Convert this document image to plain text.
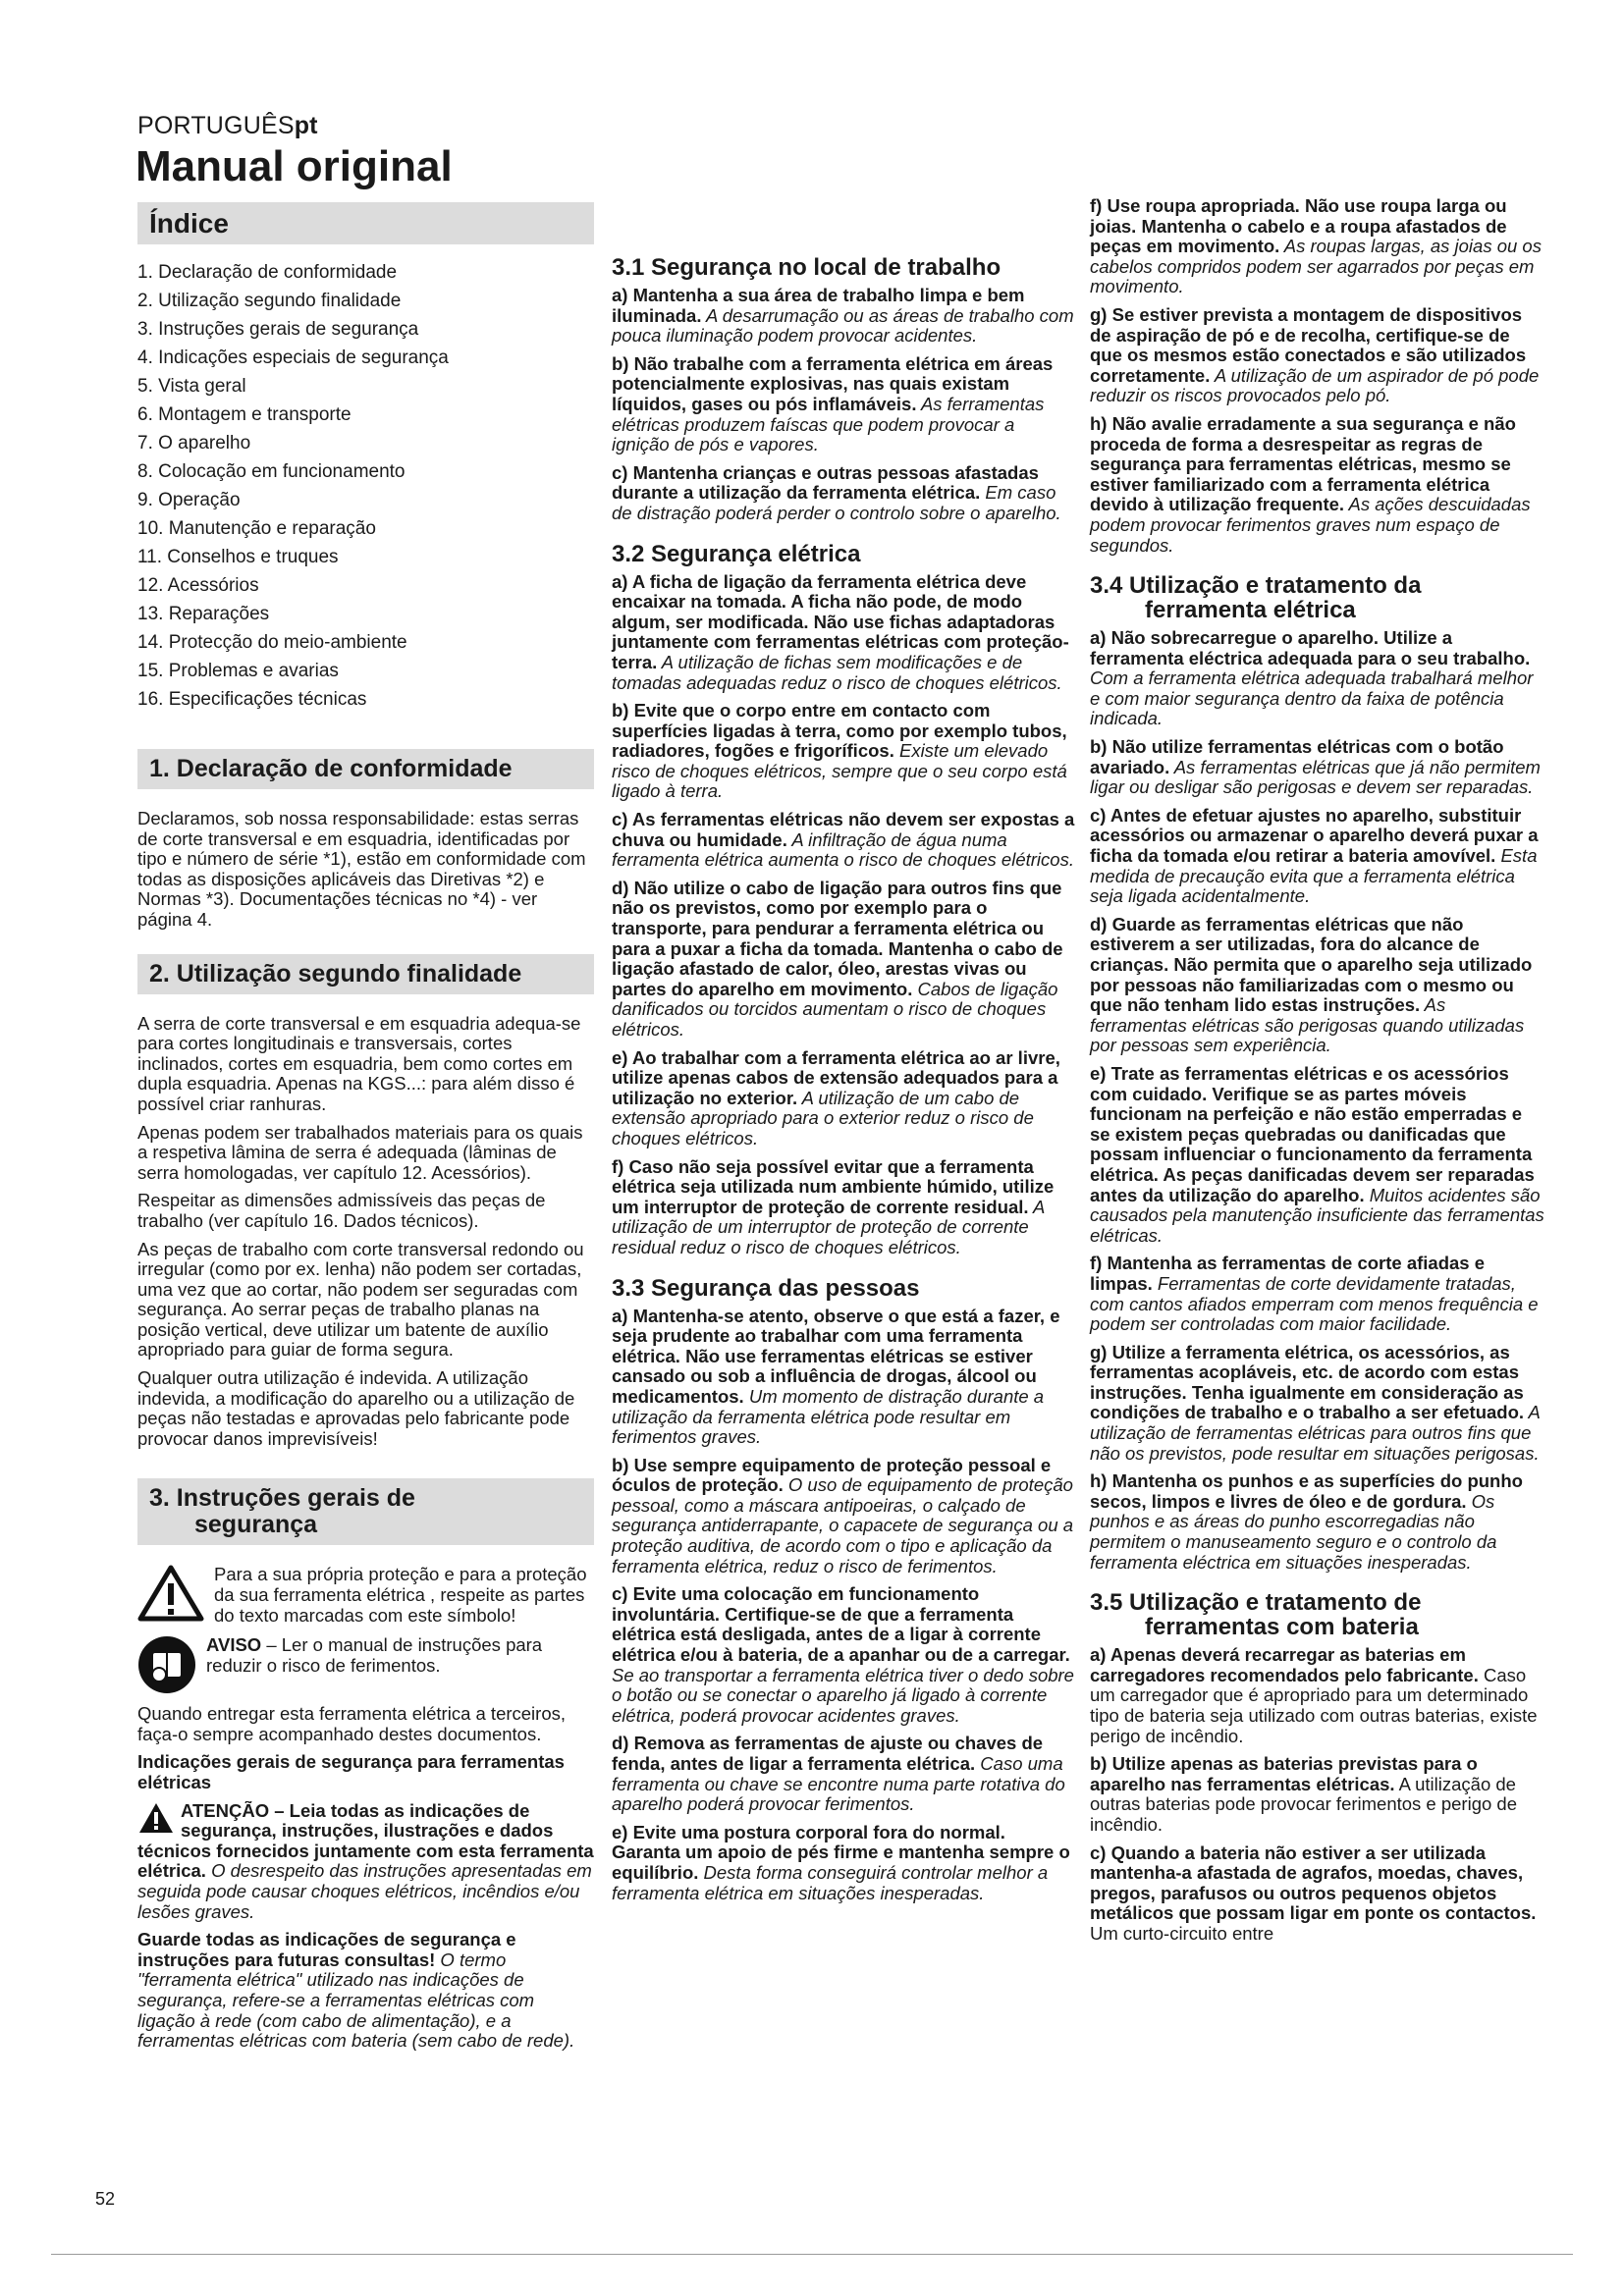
PORTUGUÊSpt
Manual original
Índice
1. Declaração de conformidade
2. Utilização segundo finalidade
3. Instruções gerais de segurança
4. Indicações especiais de segurança
5. Vista geral
6. Montagem e transporte
7. O aparelho
8. Colocação em funcionamento
9. Operação
10. Manutenção e reparação
11. Conselhos e truques
12. Acessórios
13. Reparações
14. Protecção do meio-ambiente
15. Problemas e avarias
16. Especificações técnicas
1. Declaração de conformidade

Declaramos, sob nossa responsabilidade: estas serras de corte transversal e em esquadria, identificadas por tipo e número de série *1), estão em conformidade com todas as disposições aplicáveis das Diretivas *2) e Normas *3). Documentações técnicas no *4) - ver página 4.

2. Utilização segundo finalidade

A serra de corte transversal e em esquadria adequa-se para cortes longitudinais e transversais, cortes inclinados, cortes em esquadria, bem como cortes em dupla esquadria. Apenas na KGS...: para além disso é possível criar ranhuras.

Apenas podem ser trabalhados materiais para os quais a respetiva lâmina de serra é adequada (lâminas de serra homologadas, ver capítulo 12. Acessórios).

Respeitar as dimensões admissíveis das peças de trabalho (ver capítulo 16. Dados técnicos).

As peças de trabalho com corte transversal redondo ou irregular (como por ex. lenha) não podem ser cortadas, uma vez que ao cortar, não podem ser seguradas com segurança. Ao serrar peças de trabalho planas na posição vertical, deve utilizar um batente de auxílio apropriado para guiar de forma segura.

Qualquer outra utilização é indevida. A utilização indevida, a modificação do aparelho ou a utilização de peças não testadas e aprovadas pelo fabricante pode provocar danos imprevisíveis!

3. Instruções gerais de
segurança

Para a sua própria proteção e para a proteção da sua ferramenta elétrica , respeite as partes do texto marcadas com este símbolo!

AVISO – Ler o manual de instruções para reduzir o risco de ferimentos.

Quando entregar esta ferramenta elétrica a terceiros, faça-o sempre acompanhado destes documentos.

Indicações gerais de segurança para ferramentas elétricas

ATENÇÃO – Leia todas as indicações de segurança, instruções, ilustrações e dados técnicos fornecidos juntamente com esta ferramenta elétrica. O desrespeito das instruções apresentadas em seguida pode causar choques elétricos, incêndios e/ou lesões graves.

Guarde todas as indicações de segurança e instruções para futuras consultas! O termo "ferramenta elétrica" utilizado nas indicações de segurança, refere-se a ferramentas elétricas com ligação à rede (com cabo de alimentação), e a ferramentas elétricas com bateria (sem cabo de rede).

3.1 Segurança no local de trabalho

a) Mantenha a sua área de trabalho limpa e bem iluminada. A desarrumação ou as áreas de trabalho com pouca iluminação podem provocar acidentes.

b) Não trabalhe com a ferramenta elétrica em áreas potencialmente explosivas, nas quais existam líquidos, gases ou pós inflamáveis. As ferramentas elétricas produzem faíscas que podem provocar a ignição de pós e vapores.

c) Mantenha crianças e outras pessoas afastadas durante a utilização da ferramenta elétrica. Em caso de distração poderá perder o controlo sobre o aparelho.

3.2 Segurança elétrica

a) A ficha de ligação da ferramenta elétrica deve encaixar na tomada. A ficha não pode, de modo algum, ser modificada. Não use fichas adaptadoras juntamente com ferramentas elétricas com proteção-terra. A utilização de fichas sem modificações e de tomadas adequadas reduz o risco de choques elétricos.

b) Evite que o corpo entre em contacto com superfícies ligadas à terra, como por exemplo tubos, radiadores, fogões e frigoríficos. Existe um elevado risco de choques elétricos, sempre que o seu corpo está ligado à terra.

c) As ferramentas elétricas não devem ser expostas a chuva ou humidade. A infiltração de água numa ferramenta elétrica aumenta o risco de choques elétricos.

d) Não utilize o cabo de ligação para outros fins que não os previstos, como por exemplo para o transporte, para pendurar a ferramenta elétrica ou para a puxar a ficha da tomada. Mantenha o cabo de ligação afastado de calor, óleo, arestas vivas ou partes do aparelho em movimento. Cabos de ligação danificados ou torcidos aumentam o risco de choques elétricos.

e) Ao trabalhar com a ferramenta elétrica ao ar livre, utilize apenas cabos de extensão adequados para a utilização no exterior. A utilização de um cabo de extensão apropriado para o exterior reduz o risco de choques elétricos.

f) Caso não seja possível evitar que a ferramenta elétrica seja utilizada num ambiente húmido, utilize um interruptor de proteção de corrente residual. A utilização de um interruptor de proteção de corrente residual reduz o risco de choques elétricos.

3.3 Segurança das pessoas

a) Mantenha-se atento, observe o que está a fazer, e seja prudente ao trabalhar com uma ferramenta elétrica. Não use ferramentas elétricas se estiver cansado ou sob a influência de drogas, álcool ou medicamentos. Um momento de distração durante a utilização da ferramenta elétrica pode resultar em ferimentos graves.

b) Use sempre equipamento de proteção pessoal e óculos de proteção. O uso de equipamento de proteção pessoal, como a máscara antipoeiras, o calçado de segurança antiderrapante, o capacete de segurança ou a proteção auditiva, de acordo com o tipo e aplicação da ferramenta elétrica, reduz o risco de ferimentos.

c) Evite uma colocação em funcionamento involuntária. Certifique-se de que a ferramenta elétrica está desligada, antes de a ligar à corrente elétrica e/ou à bateria, de a apanhar ou de a carregar. Se ao transportar a ferramenta elétrica tiver o dedo sobre o botão ou se conectar o aparelho já ligado à corrente elétrica, poderá provocar acidentes graves.

d) Remova as ferramentas de ajuste ou chaves de fenda, antes de ligar a ferramenta elétrica. Caso uma ferramenta ou chave se encontre numa parte rotativa do aparelho poderá provocar ferimentos.

e) Evite uma postura corporal fora do normal. Garanta um apoio de pés firme e mantenha sempre o equilíbrio. Desta forma conseguirá controlar melhor a ferramenta elétrica em situações inesperadas.

f) Use roupa apropriada. Não use roupa larga ou joias. Mantenha o cabelo e a roupa afastados de peças em movimento. As roupas largas, as joias ou os cabelos compridos podem ser agarrados por peças em movimento.

g) Se estiver prevista a montagem de dispositivos de aspiração de pó e de recolha, certifique-se de que os mesmos estão conectados e são utilizados corretamente. A utilização de um aspirador de pó pode reduzir os riscos provocados pelo pó.

h) Não avalie erradamente a sua segurança e não proceda de forma a desrespeitar as regras de segurança para ferramentas elétricas, mesmo se estiver familiarizado com a ferramenta elétrica devido à utilização frequente. As ações descuidadas podem provocar ferimentos graves num espaço de segundos.

3.4 Utilização e tratamento da
ferramenta elétrica

a) Não sobrecarregue o aparelho. Utilize a ferramenta eléctrica adequada para o seu trabalho. Com a ferramenta elétrica adequada trabalhará melhor e com maior segurança dentro da faixa de potência indicada.

b) Não utilize ferramentas elétricas com o botão avariado. As ferramentas elétricas que já não permitem ligar ou desligar são perigosas e devem ser reparadas.

c) Antes de efetuar ajustes no aparelho, substituir acessórios ou armazenar o aparelho deverá puxar a ficha da tomada e/ou retirar a bateria amovível. Esta medida de precaução evita que a ferramenta elétrica seja ligada acidentalmente.

d) Guarde as ferramentas elétricas que não estiverem a ser utilizadas, fora do alcance de crianças. Não permita que o aparelho seja utilizado por pessoas não familiarizadas com o mesmo ou que não tenham lido estas instruções. As ferramentas elétricas são perigosas quando utilizadas por pessoas sem experiência.

e) Trate as ferramentas elétricas e os acessórios com cuidado. Verifique se as partes móveis funcionam na perfeição e não estão emperradas e se existem peças quebradas ou danificadas que possam influenciar o funcionamento da ferramenta elétrica. As peças danificadas devem ser reparadas antes da utilização do aparelho. Muitos acidentes são causados pela manutenção insuficiente das ferramentas elétricas.

f) Mantenha as ferramentas de corte afiadas e limpas. Ferramentas de corte devidamente tratadas, com cantos afiados emperram com menos frequência e podem ser controladas com maior facilidade.

g) Utilize a ferramenta elétrica, os acessórios, as ferramentas acopláveis, etc. de acordo com estas instruções. Tenha igualmente em consideração as condições de trabalho e o trabalho a ser efetuado. A utilização de ferramentas elétricas para outros fins que não os previstos, pode resultar em situações perigosas.

h) Mantenha os punhos e as superfícies do punho secos, limpos e livres de óleo e de gordura. Os punhos e as áreas do punho escorregadias não permitem o manuseamento seguro e o controlo da ferramenta eléctrica em situações inesperadas.

3.5 Utilização e tratamento de
ferramentas com bateria

a) Apenas deverá recarregar as baterias em carregadores recomendados pelo fabricante. Caso um carregador que é apropriado para um determinado tipo de bateria seja utilizado com outras baterias, existe perigo de incêndio.

b) Utilize apenas as baterias previstas para o aparelho nas ferramentas elétricas. A utilização de outras baterias pode provocar ferimentos e perigo de incêndio.

c) Quando a bateria não estiver a ser utilizada mantenha-a afastada de agrafos, moedas, chaves, pregos, parafusos ou outros pequenos objetos metálicos que possam ligar em ponte os contactos. Um curto-circuito entre

52
